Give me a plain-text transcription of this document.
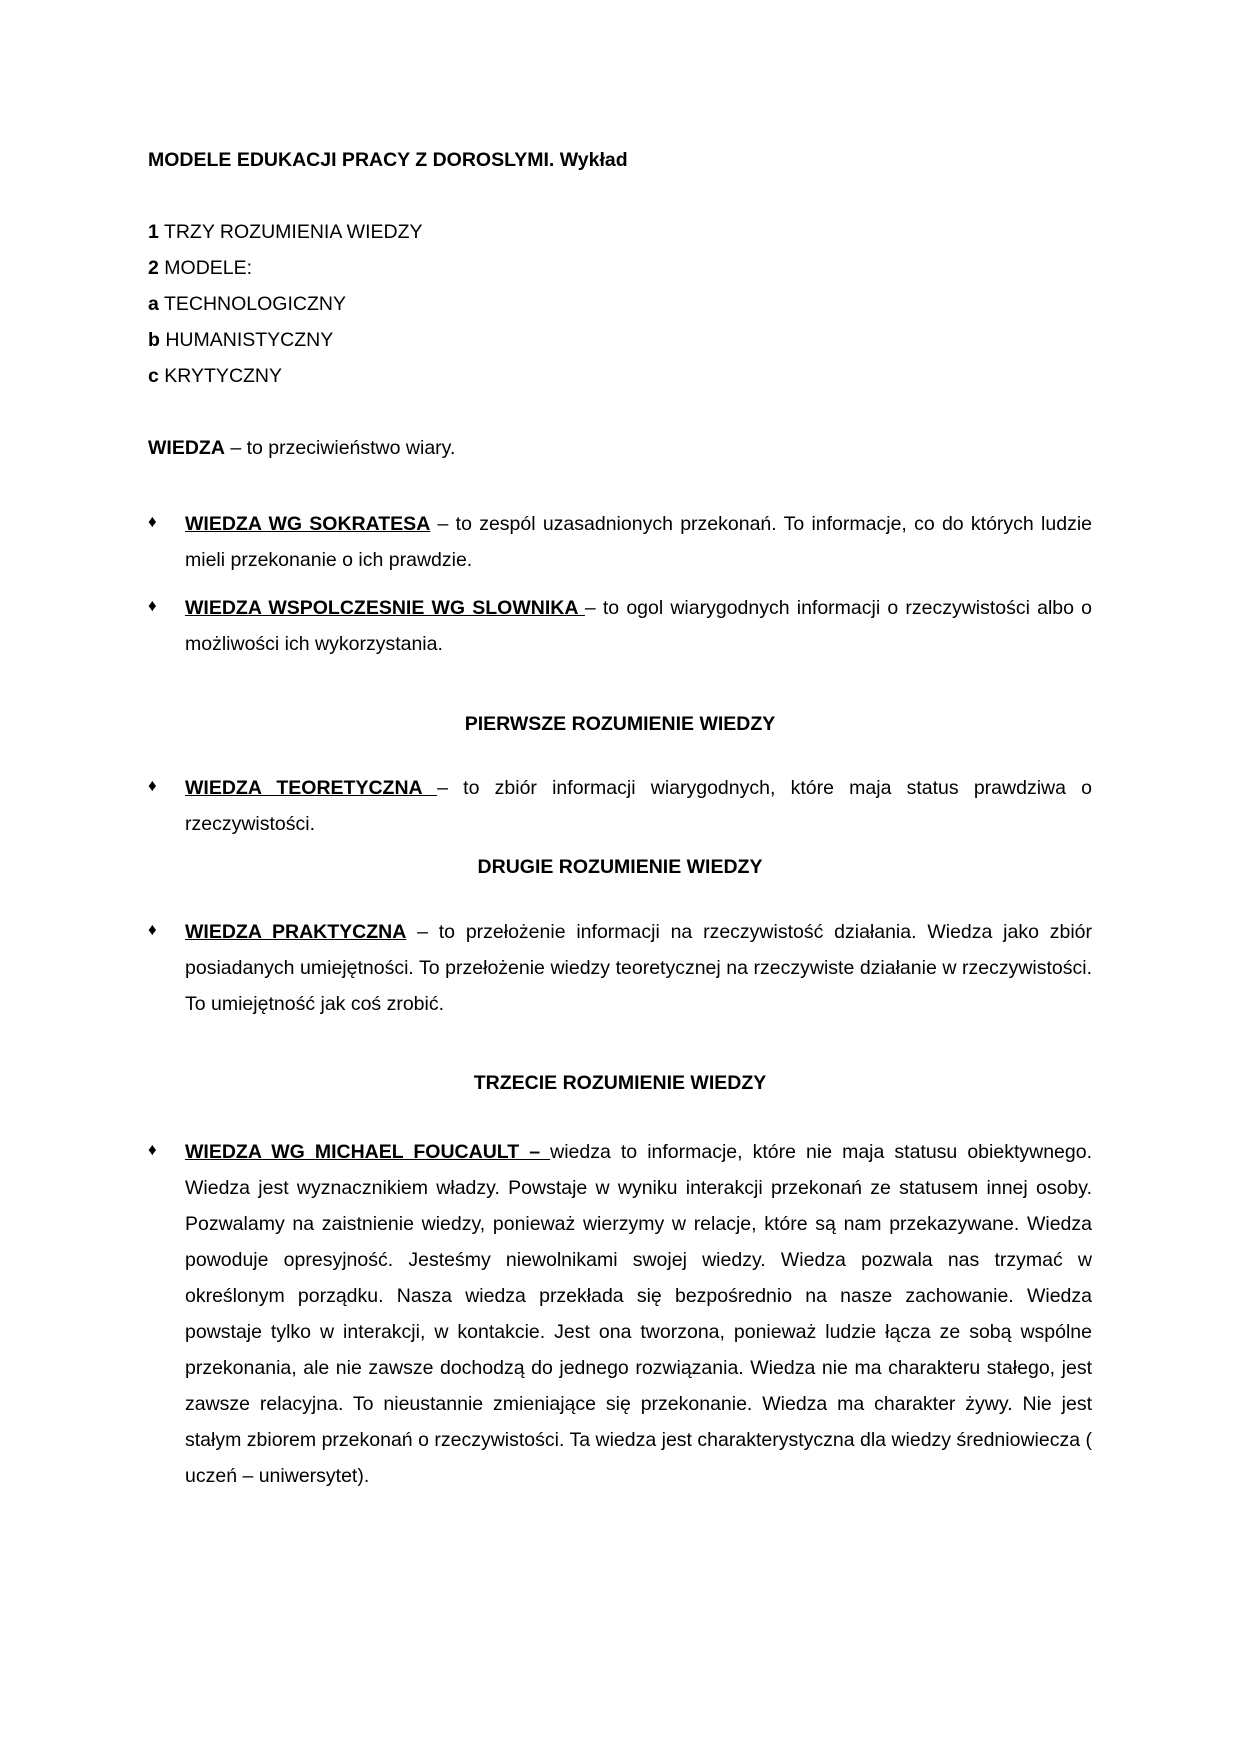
MODELE EDUKACJI PRACY Z DOROSLYMI. Wykład
1 TRZY ROZUMIENIA WIEDZY
2 MODELE:
a TECHNOLOGICZNY
b HUMANISTYCZNY
c KRYTYCZNY
WIEDZA – to przeciwieństwo wiary.
♦ WIEDZA WG SOKRATESA – to zespól uzasadnionych przekonań. To informacje, co do których ludzie mieli przekonanie o ich prawdzie.
♦ WIEDZA WSPOLCZESNIE WG SLOWNIKA – to ogol wiarygodnych informacji o rzeczywistości albo o możliwości ich wykorzystania.
PIERWSZE ROZUMIENIE WIEDZY
♦ WIEDZA TEORETYCZNA – to zbiór informacji wiarygodnych, które maja status prawdziwa o rzeczywistości.
DRUGIE ROZUMIENIE WIEDZY
♦ WIEDZA PRAKTYCZNA – to przełożenie informacji na rzeczywistość działania. Wiedza jako zbiór posiadanych umiejętności. To przełożenie wiedzy teoretycznej na rzeczywiste działanie w rzeczywistości. To umiejętność jak coś zrobić.
TRZECIE ROZUMIENIE WIEDZY
♦ WIEDZA WG MICHAEL FOUCAULT – wiedza to informacje, które nie maja statusu obiektywnego. Wiedza jest wyznacznikiem władzy. Powstaje w wyniku interakcji przekonań ze statusem innej osoby. Pozwalamy na zaistnienie wiedzy, ponieważ wierzymy w relacje, które są nam przekazywane. Wiedza powoduje opresyjność. Jesteśmy niewolnikami swojej wiedzy. Wiedza pozwala nas trzymać w określonym porządku. Nasza wiedza przekłada się bezpośrednio na nasze zachowanie. Wiedza powstaje tylko w interakcji, w kontakcie. Jest ona tworzona, ponieważ ludzie łącza ze sobą wspólne przekonania, ale nie zawsze dochodzą do jednego rozwiązania. Wiedza nie ma charakteru stałego, jest zawsze relacyjna. To nieustannie zmieniające się przekonanie. Wiedza ma charakter żywy. Nie jest stałym zbiorem przekonań o rzeczywistości. Ta wiedza jest charakterystyczna dla wiedzy średniowiecza ( uczeń – uniwersytet).
